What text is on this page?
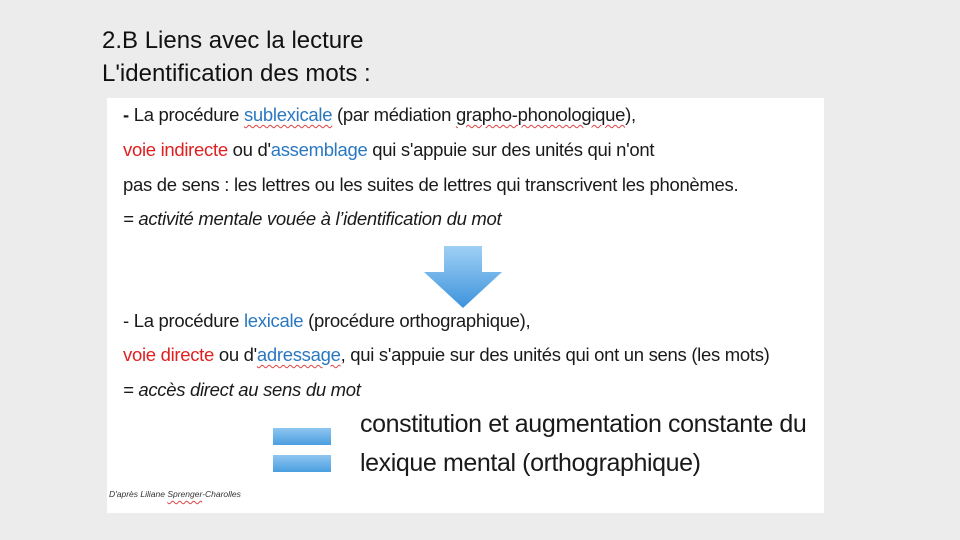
2.B Liens avec la lecture
L'identification des mots :
- La procédure sublexicale (par médiation grapho-phonologique),
voie indirecte ou d'assemblage qui s'appuie sur des unités qui n'ont
pas de sens : les lettres ou les suites de lettres qui transcrivent les phonèmes.
= activité mentale vouée à l’identification du mot
- La procédure lexicale (procédure orthographique),
voie directe ou d'adressage, qui s'appuie sur des unités qui ont un sens (les mots)
= accès direct au sens du mot
constitution et augmentation constante du
lexique mental (orthographique)
D'après Liliane Sprenger-Charolles
